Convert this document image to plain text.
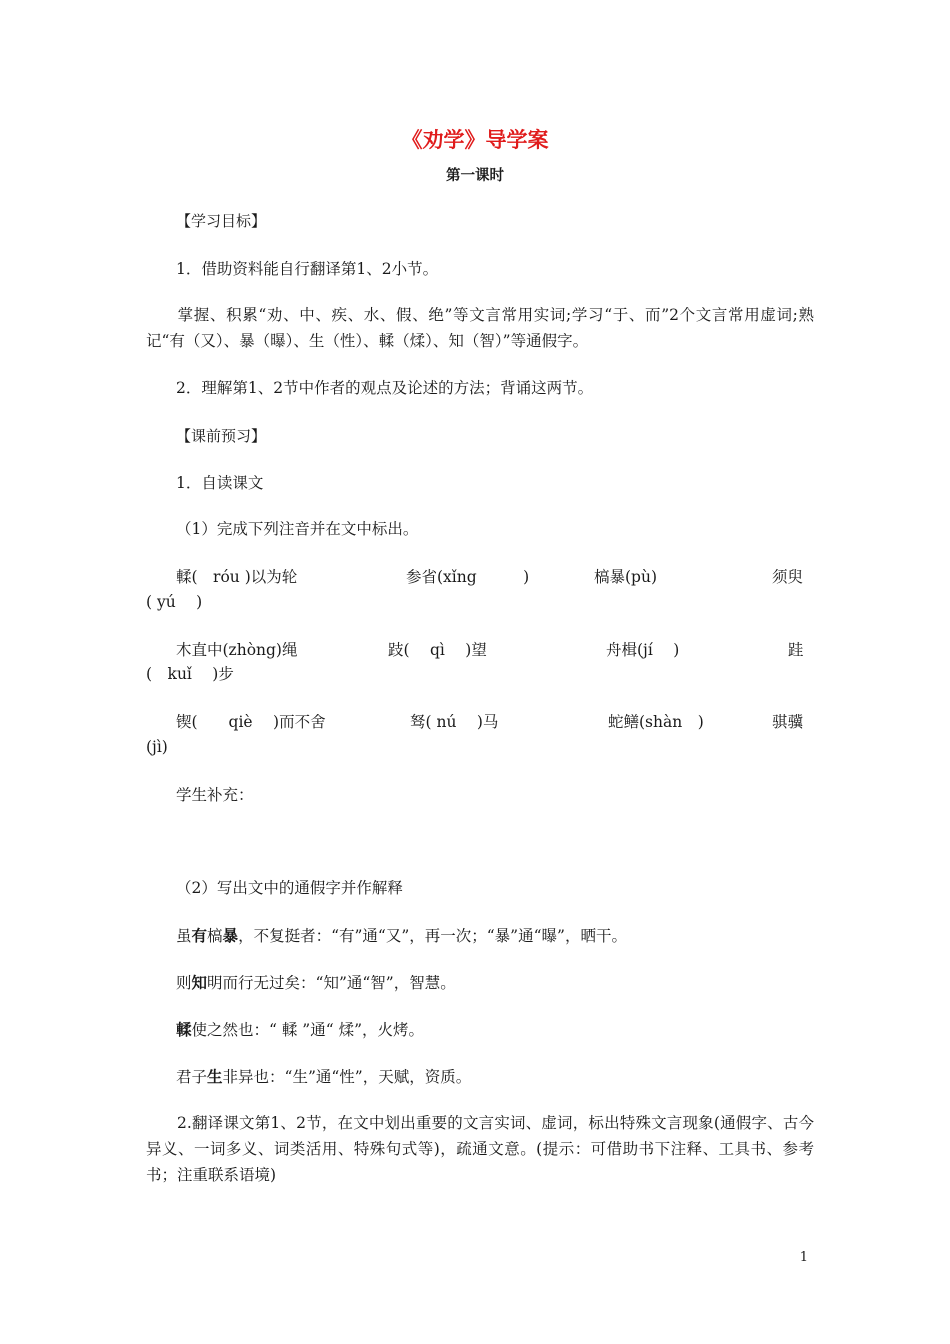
《劝学》导学案
第一课时
【学习目标】
1．借助资料能自行翻译第1、2小节。
掌握、积累“劝、中、疾、水、假、绝”等文言常用实词;学习“于、而”2个文言常用虚词;熟记“有（又）、暴（曝）、生（性）、輮（煣）、知（智）”等通假字。
2．理解第1、2节中作者的观点及论述的方法；背诵这两节。
【课前预习】
1．自读课文
（1）完成下列注音并在文中标出。
輮(　róu )以为轮	参省(xǐng　　　)	槁暴(pù)	须臾
( yú　 )
木直中(zhòng)绳	跂(　 qì　 )望	舟楫(jí　 )	跬
(　kuǐ　 )步
锲(　　qiè　 )而不舍	驽( nú　 )马	蛇鳝(shàn　)	骐骥
(jì)
学生补充：
（2）写出文中的通假字并作解释
虽有槁暴，不复挺者：“有”通“又”，再一次；“暴”通“曝”，晒干。
则知明而行无过矣：“知”通“智”，智慧。
輮使之然也：“ 輮 ”通“ 煣”，火烤。
君子生非异也：“生”通“性”，天赋，资质。
2.翻译课文第1、2节，在文中划出重要的文言实词、虚词，标出特殊文言现象(通假字、古今异义、一词多义、词类活用、特殊句式等)，疏通文意。(提示：可借助书下注释、工具书、参考书；注重联系语境)
1
